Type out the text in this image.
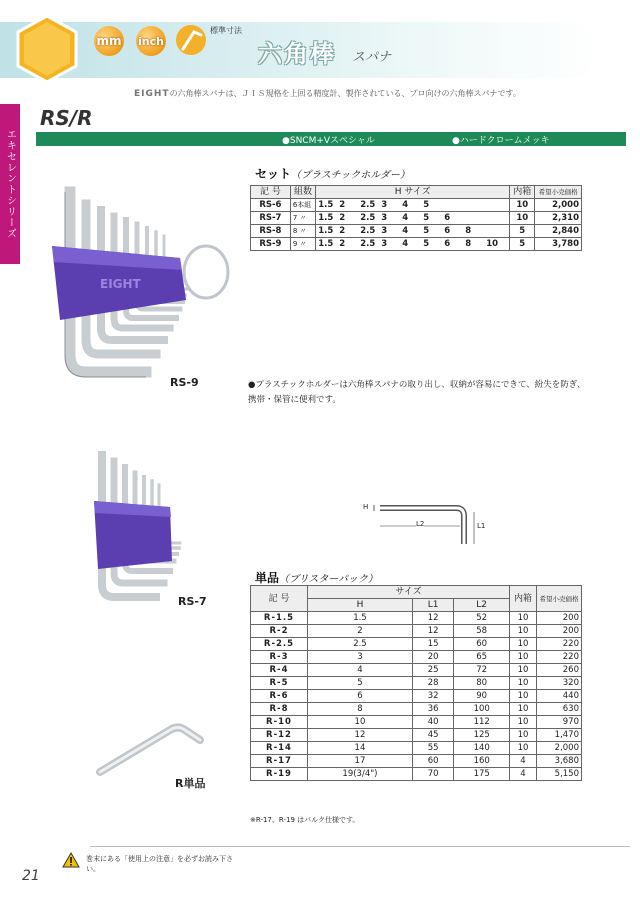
mm inch
標準寸法
六角棒 スパナ
EIGHTの六角棒スパナは、ＪＩＳ規格を上回る精度計、製作されている、プロ向けの六角棒スパナです。
エキセレントシリーズ
RS/R
●SNCM+Vスペシャル	●ハードクロームメッキ
EIGHT
RS-9
セット（プラスチックホルダー）
記 号	組数	H サイズ	内箱	希望小売価格
RS-6	6本組	1.5 2 2.5 3 4 5	10	2,000
RS-7	7 〃	1.5 2 2.5 3 4 5 6	10	2,310
RS-8	8 〃	1.5 2 2.5 3 4 5 6 8	5	2,840
RS-9	9 〃	1.5 2 2.5 3 4 5 6 8 10	5	3,780
●プラスチックホルダーは六角棒スパナの取り出し、収納が容易にできて、紛失を防ぎ、携帯・保管に便利です。
RS-7
H
L2	L1
R単品
単品（ブリスターパック）
記 号	サイズ			内箱	希望小売価格
	H	L1	L2		
R-1.5	1.5	12	52	10	200
R-2	2	12	58	10	200
R-2.5	2.5	15	60	10	220
R-3	3	20	65	10	220
R-4	4	25	72	10	260
R-5	5	28	80	10	320
R-6	6	32	90	10	440
R-8	8	36	100	10	630
R-10	10	40	112	10	970
R-12	12	45	125	10	1,470
R-14	14	55	140	10	2,000
R-17	17	60	160	4	3,680
R-19	19(3/4")	70	175	4	5,150
※R-17、R-19 はバルク仕様です。
巻末にある「使用上の注意」を必ずお読み下さい。
21
